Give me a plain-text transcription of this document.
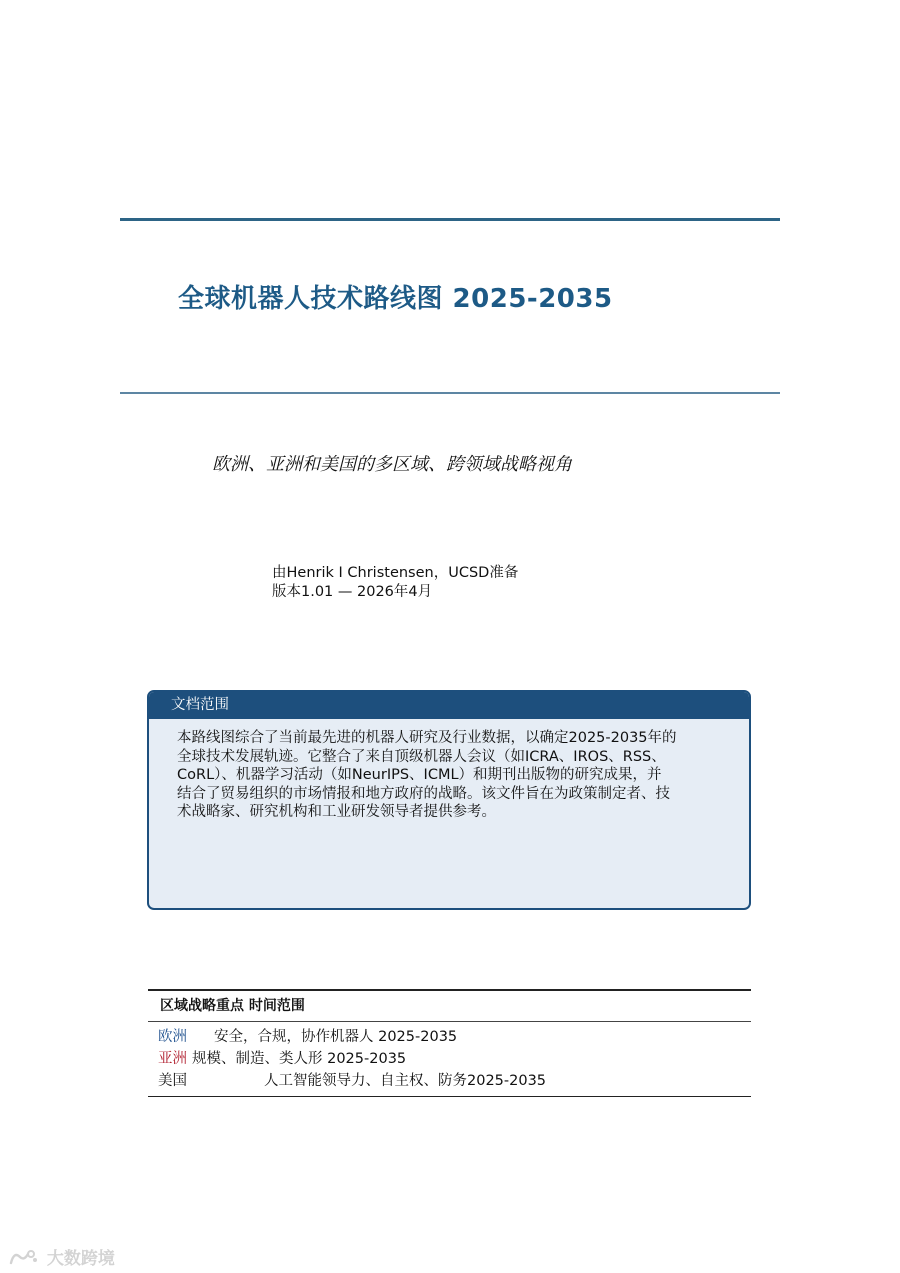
全球机器人技术路线图 2025-2035
欧洲、亚洲和美国的多区域、跨领域战略视角
由Henrik I Christensen，UCSD准备
版本1.01 — 2026年4月
文档范围
本路线图综合了当前最先进的机器人研究及行业数据，以确定2025-2035年的
全球技术发展轨迹。它整合了来自顶级机器人会议（如ICRA、IROS、RSS、
CoRL）、机器学习活动（如NeurIPS、ICML）和期刊出版物的研究成果，并
结合了贸易组织的市场情报和地方政府的战略。该文件旨在为政策制定者、技
术战略家、研究机构和工业研发领导者提供参考。
区域战略重点 时间范围
欧洲 安全，合规，协作机器人 2025-2035
亚洲 规模、制造、类人形 2025-2035
美国	人工智能领导力、自主权、防务2025-2035
大数跨境
